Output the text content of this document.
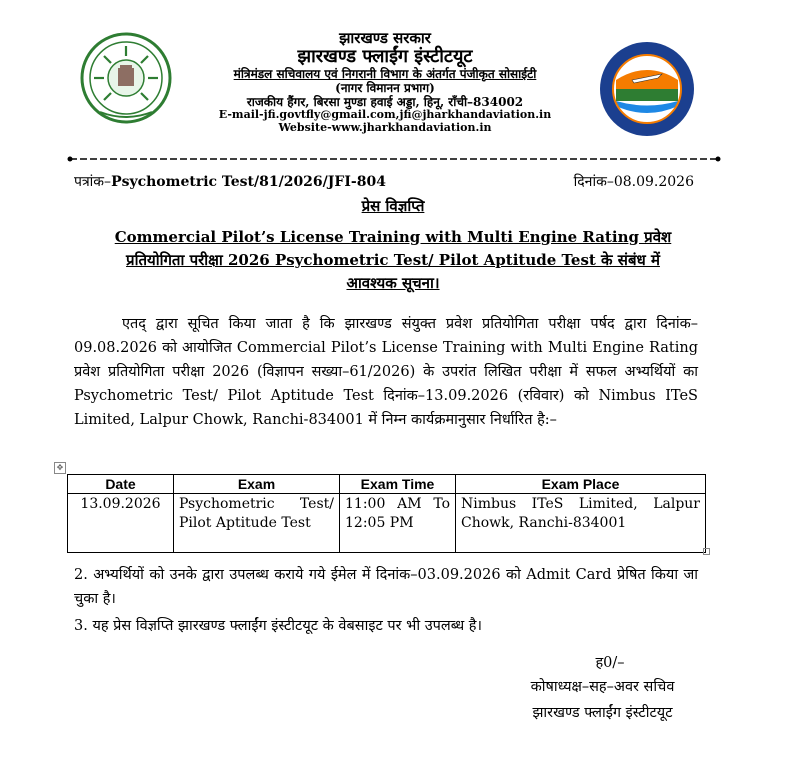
झारखण्ड सरकार
झारखण्ड फ्लाईंग इंस्टीटयूट
मंत्रिमंडल सचिवालय एवं निगरानी विभाग के अंतर्गत पंजीकृत सोसाईटी
(नागर विमानन प्रभाग)
राजकीय हैंगर, बिरसा मुण्डा हवाई अड्डा, हिनू, राँची–834002
E-mail-jfi.govtfly@gmail.com,jfi@jharkhandaviation.in
Website-www.jharkhandaviation.in
पत्रांक–Psychometric Test/81/2026/JFI-804	दिनांक–08.09.2026
प्रेस विज्ञप्ति
Commercial Pilot’s License Training with Multi Engine Rating प्रवेश
प्रतियोगिता परीक्षा 2026 Psychometric Test/ Pilot Aptitude Test के संबंध में
आवश्यक सूचना।

एतद् द्वारा सूचित किया जाता है कि झारखण्ड संयुक्त प्रवेश प्रतियोगिता परीक्षा पर्षद द्वारा दिनांक–09.08.2026 को आयोजित Commercial Pilot’s License Training with Multi Engine Rating प्रवेश प्रतियोगिता परीक्षा 2026 (विज्ञापन सख्या–61/2026) के उपरांत लिखित परीक्षा में सफल अभ्यर्थियों का Psychometric Test/ Pilot Aptitude Test दिनांक–13.09.2026 (रविवार) को Nimbus ITeS Limited, Lalpur Chowk, Ranchi-834001 में निम्न कार्यक्रमानुसार निर्धारित है:–

✥
Date	Exam	Exam Time	Exam Place
13.09.2026	Psychometric Test/ Pilot Aptitude Test	11:00 AM To 12:05 PM	Nimbus ITeS Limited, Lalpur Chowk, Ranchi-834001
2. अभ्यर्थियों को उनके द्वारा उपलब्ध कराये गये ईमेल में दिनांक–03.09.2026 को Admit Card प्रेषित किया जा चुका है।
3. यह प्रेस विज्ञप्ति झारखण्ड फ्लाईंग इंस्टीटयूट के वेबसाइट पर भी उपलब्ध है।
ह0/–
कोषाध्यक्ष–सह–अवर सचिव
झारखण्ड फ्लाईंग इंस्टीटयूट
